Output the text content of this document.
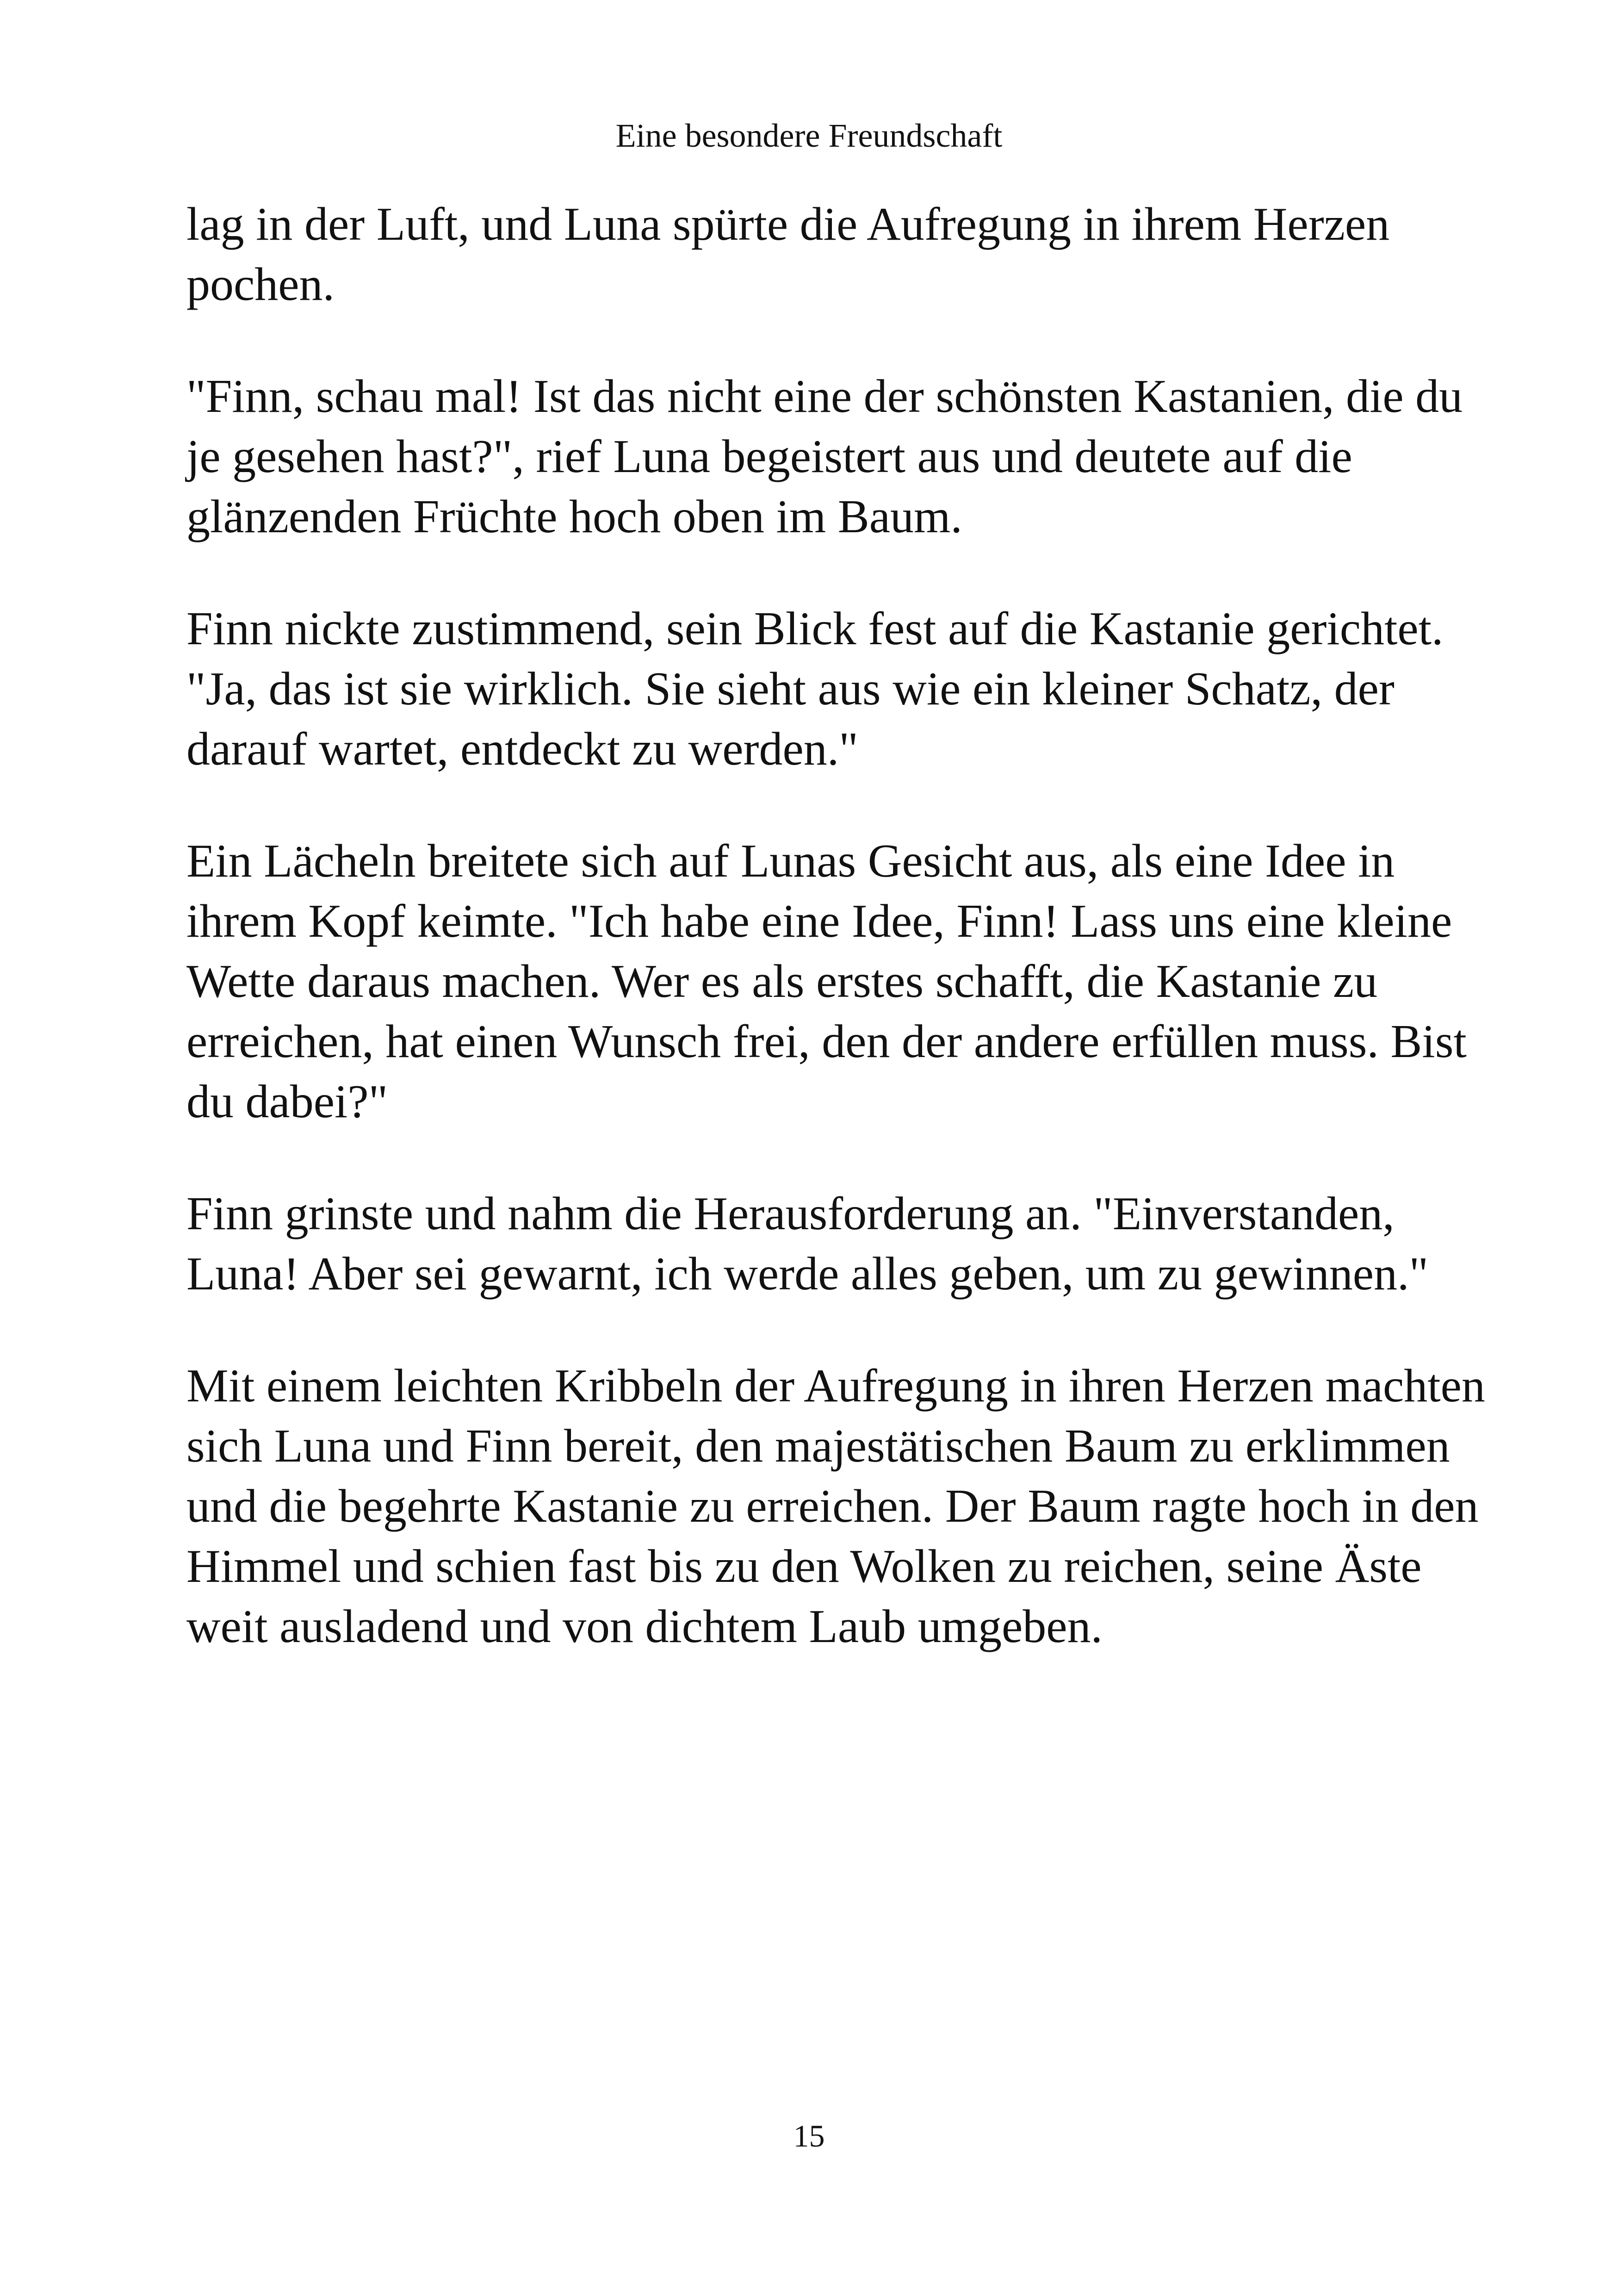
Eine besondere Freundschaft

lag in der Luft, und Luna spürte die Aufregung in ihrem Herzen pochen.

"Finn, schau mal! Ist das nicht eine der schönsten Kastanien, die du je gesehen hast?", rief Luna begeistert aus und deutete auf die glänzenden Früchte hoch oben im Baum.

Finn nickte zustimmend, sein Blick fest auf die Kastanie gerichtet. "Ja, das ist sie wirklich. Sie sieht aus wie ein kleiner Schatz, der darauf wartet, entdeckt zu werden."

Ein Lächeln breitete sich auf Lunas Gesicht aus, als eine Idee in ihrem Kopf keimte. "Ich habe eine Idee, Finn! Lass uns eine kleine Wette daraus machen. Wer es als erstes schafft, die Kastanie zu erreichen, hat einen Wunsch frei, den der andere erfüllen muss. Bist du dabei?"

Finn grinste und nahm die Herausforderung an. "Einverstanden, Luna! Aber sei gewarnt, ich werde alles geben, um zu gewinnen."

Mit einem leichten Kribbeln der Aufregung in ihren Herzen machten sich Luna und Finn bereit, den majestätischen Baum zu erklimmen und die begehrte Kastanie zu erreichen. Der Baum ragte hoch in den Himmel und schien fast bis zu den Wolken zu reichen, seine Äste weit ausladend und von dichtem Laub umgeben.

15
